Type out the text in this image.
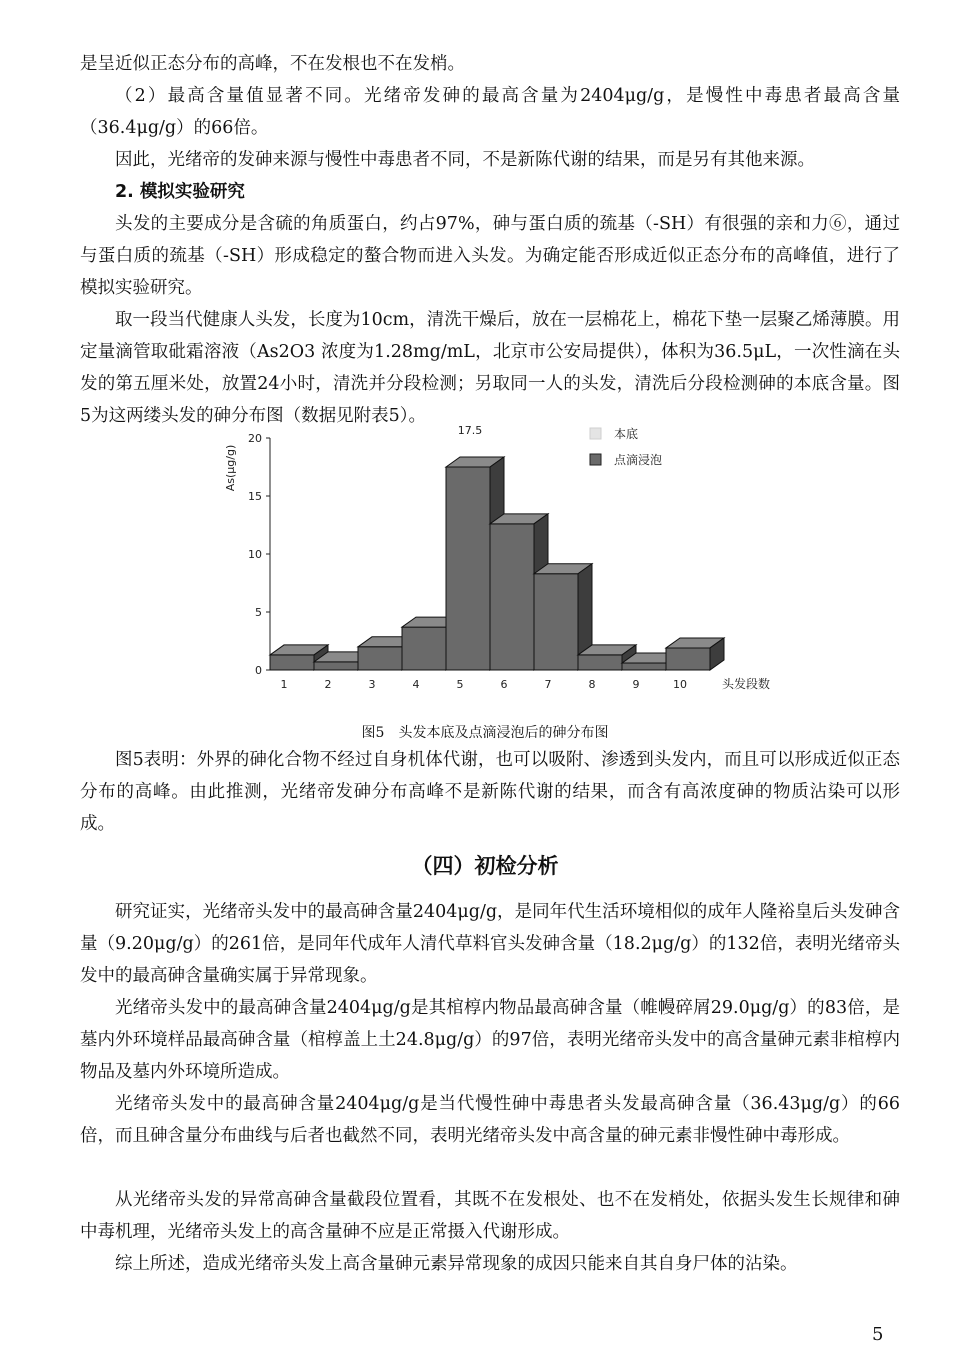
是呈近似正态分布的高峰，不在发根也不在发梢。

（2）最高含量值显著不同。光绪帝发砷的最高含量为2404μg/g，是慢性中毒患者最高含量（36.4μg/g）的66倍。

因此，光绪帝的发砷来源与慢性中毒患者不同，不是新陈代谢的结果，而是另有其他来源。

2. 模拟实验研究

头发的主要成分是含硫的角质蛋白，约占97%，砷与蛋白质的巯基（-SH）有很强的亲和力⑥，通过与蛋白质的巯基（-SH）形成稳定的螯合物而进入头发。为确定能否形成近似正态分布的高峰值，进行了模拟实验研究。

取一段当代健康人头发，长度为10cm，清洗干燥后，放在一层棉花上，棉花下垫一层聚乙烯薄膜。用定量滴管取砒霜溶液（As2O3 浓度为1.28mg/mL，北京市公安局提供），体积为36.5μL，一次性滴在头发的第五厘米处，放置24小时，清洗并分段检测；另取同一人的头发，清洗后分段检测砷的本底含量。图5为这两缕头发的砷分布图（数据见附表5）。

0
5
10
15
20
As(μg/g)
1	2	3	4	5	6	7	8	9	10	头发段数
17.5	本底
点滴浸泡

图5　头发本底及点滴浸泡后的砷分布图

图5表明：外界的砷化合物不经过自身机体代谢，也可以吸附、渗透到头发内，而且可以形成近似正态分布的高峰。由此推测，光绪帝发砷分布高峰不是新陈代谢的结果，而含有高浓度砷的物质沾染可以形成。

（四）初检分析

研究证实，光绪帝头发中的最高砷含量2404μg/g，是同年代生活环境相似的成年人隆裕皇后头发砷含量（9.20μg/g）的261倍，是同年代成年人清代草料官头发砷含量（18.2μg/g）的132倍，表明光绪帝头发中的最高砷含量确实属于异常现象。

光绪帝头发中的最高砷含量2404μg/g是其棺椁内物品最高砷含量（帷幔碎屑29.0μg/g）的83倍，是墓内外环境样品最高砷含量（棺椁盖上土24.8μg/g）的97倍，表明光绪帝头发中的高含量砷元素非棺椁内物品及墓内外环境所造成。

光绪帝头发中的最高砷含量2404μg/g是当代慢性砷中毒患者头发最高砷含量（36.43μg/g）的66倍，而且砷含量分布曲线与后者也截然不同，表明光绪帝头发中高含量的砷元素非慢性砷中毒形成。

从光绪帝头发的异常高砷含量截段位置看，其既不在发根处、也不在发梢处，依据头发生长规律和砷中毒机理，光绪帝头发上的高含量砷不应是正常摄入代谢形成。

综上所述，造成光绪帝头发上高含量砷元素异常现象的成因只能来自其自身尸体的沾染。

5
